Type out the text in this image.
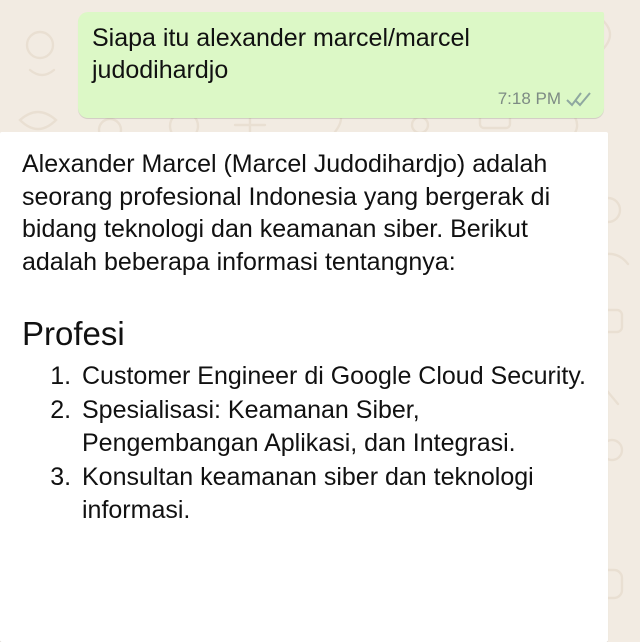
Siapa itu alexander marcel/marcel judodihardjo
7:18 PM

Alexander Marcel (Marcel Judodihardjo) adalah seorang profesional Indonesia yang bergerak di bidang teknologi dan keamanan siber. Berikut adalah beberapa informasi tentangnya:

Profesi
1. Customer Engineer di Google Cloud Security.
2. Spesialisasi: Keamanan Siber, Pengembangan Aplikasi, dan Integrasi.
3. Konsultan keamanan siber dan teknologi informasi.
